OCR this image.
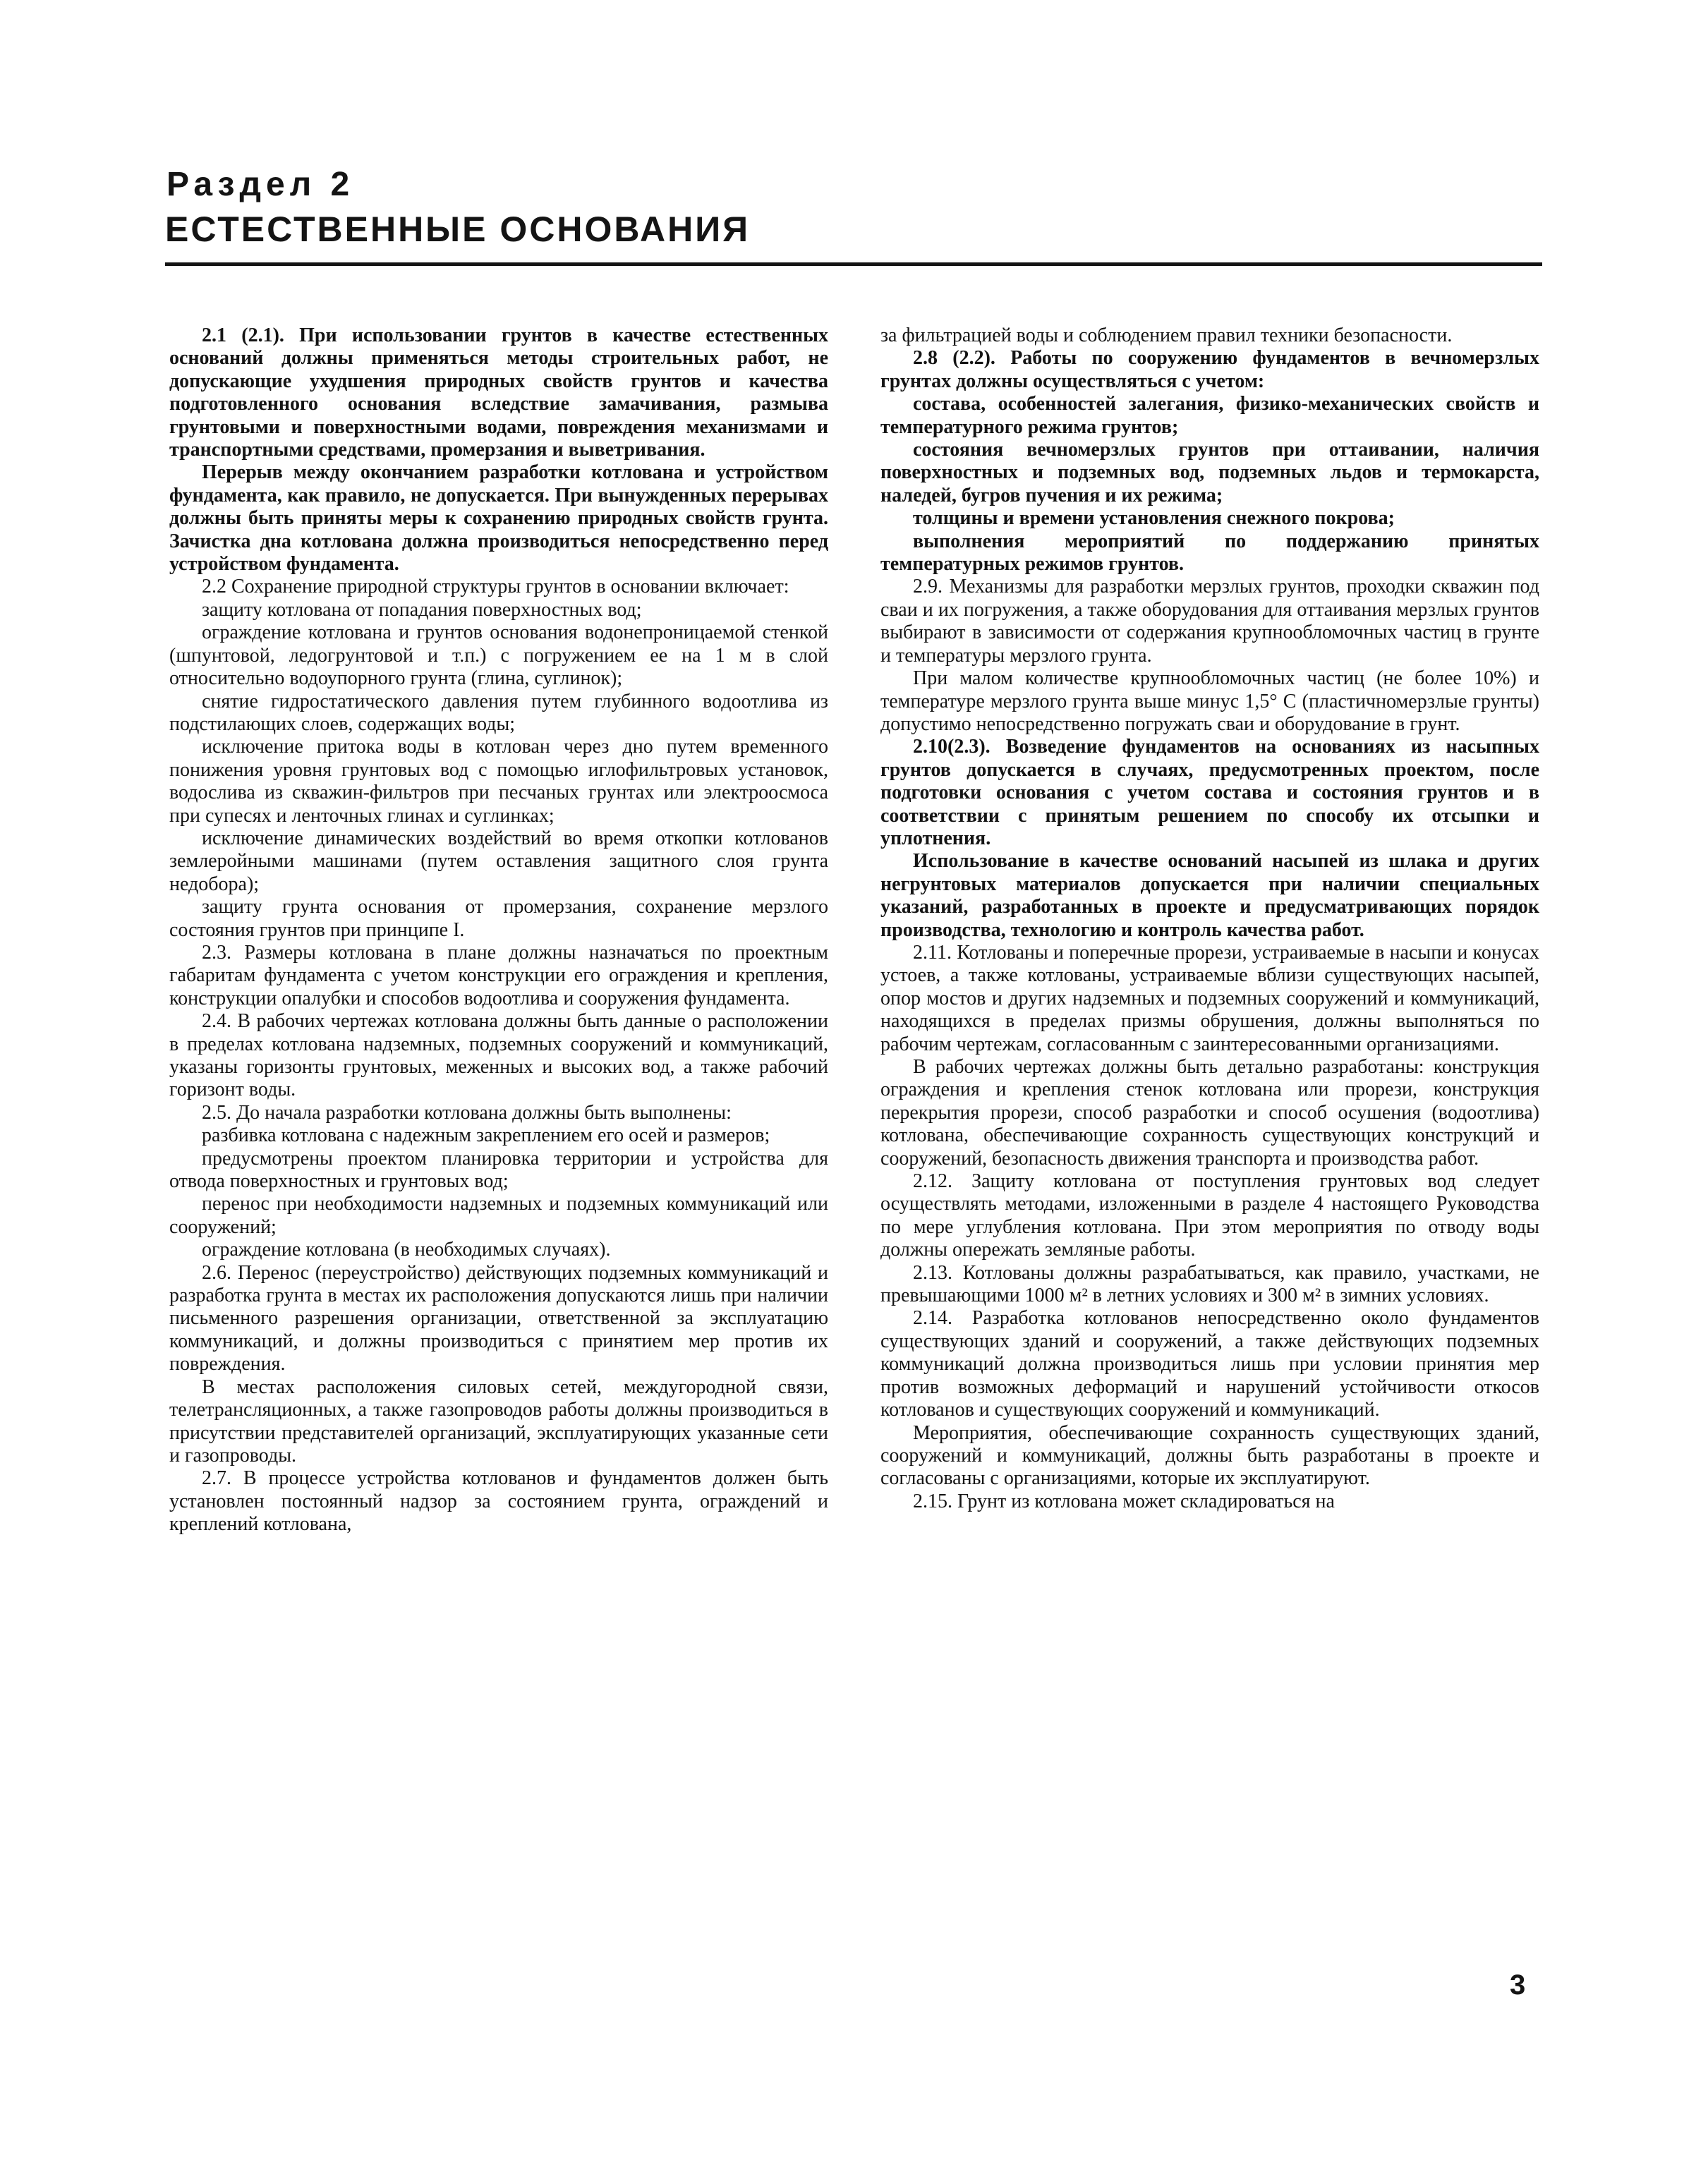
Раздел 2
ЕСТЕСТВЕННЫЕ ОСНОВАНИЯ

2.1 (2.1). При использовании грунтов в качестве естественных оснований должны применяться методы строительных работ, не допускающие ухудшения природных свойств грунтов и качества подготовленного основания вследствие замачивания, размыва грунтовыми и поверхностными водами, повреждения механизмами и транспортными средствами, промерзания и выветривания.

Перерыв между окончанием разработки котлована и устройством фундамента, как правило, не допускается. При вынужденных перерывах должны быть приняты меры к сохранению природных свойств грунта. Зачистка дна котлована должна производиться непосредственно перед устройством фундамента.

2.2 Сохранение природной структуры грунтов в основании включает:

защиту котлована от попадания поверхностных вод;

ограждение котлована и грунтов основания водонепроницаемой стенкой (шпунтовой, ледогрунтовой и т.п.) с погружением ее на 1 м в слой относительно водоупорного грунта (глина, суглинок);

снятие гидростатического давления путем глубинного водоотлива из подстилающих слоев, содержащих воды;

исключение притока воды в котлован через дно путем временного понижения уровня грунтовых вод с помощью иглофильтровых установок, водослива из скважин-фильтров при песчаных грунтах или электроосмоса при супесях и ленточных глинах и суглинках;

исключение динамических воздействий во время откопки котлованов землеройными машинами (путем оставления защитного слоя грунта недобора);

защиту грунта основания от промерзания, сохранение мерзлого состояния грунтов при принципе I.

2.3. Размеры котлована в плане должны назначаться по проектным габаритам фундамента с учетом конструкции его ограждения и крепления, конструкции опалубки и способов водоотлива и сооружения фундамента.

2.4. В рабочих чертежах котлована должны быть данные о расположении в пределах котлована надземных, подземных сооружений и коммуникаций, указаны горизонты грунтовых, меженных и высоких вод, а также рабочий горизонт воды.

2.5. До начала разработки котлована должны быть выполнены:

разбивка котлована с надежным закреплением его осей и размеров;

предусмотрены проектом планировка территории и устройства для отвода поверхностных и грунтовых вод;

перенос при необходимости надземных и подземных коммуникаций или сооружений;

ограждение котлована (в необходимых случаях).

2.6. Перенос (переустройство) действующих подземных коммуникаций и разработка грунта в местах их расположения допускаются лишь при наличии письменного разрешения организации, ответственной за эксплуатацию коммуникаций, и должны производиться с принятием мер против их повреждения.

В местах расположения силовых сетей, междугородной связи, телетрансляционных, а также газопроводов работы должны производиться в присутствии представителей организаций, эксплуатирующих указанные сети и газопроводы.

2.7. В процессе устройства котлованов и фундаментов должен быть установлен постоянный надзор за состоянием грунта, ограждений и креплений котлована,

за фильтрацией воды и соблюдением правил техники безопасности.

2.8 (2.2). Работы по сооружению фундаментов в вечномерзлых грунтах должны осуществляться с учетом:

состава, особенностей залегания, физико-механических свойств и температурного режима грунтов;

состояния вечномерзлых грунтов при оттаивании, наличия поверхностных и подземных вод, подземных льдов и термокарста, наледей, бугров пучения и их режима;

толщины и времени установления снежного покрова;

выполнения мероприятий по поддержанию принятых температурных режимов грунтов.

2.9. Механизмы для разработки мерзлых грунтов, проходки скважин под сваи и их погружения, а также оборудования для оттаивания мерзлых грунтов выбирают в зависимости от содержания крупнообломочных частиц в грунте и температуры мерзлого грунта.

При малом количестве крупнообломочных частиц (не более 10%) и температуре мерзлого грунта выше минус 1,5° С (пластичномерзлые грунты) допустимо непосредственно погружать сваи и оборудование в грунт.

2.10(2.3). Возведение фундаментов на основаниях из насыпных грунтов допускается в случаях, предусмотренных проектом, после подготовки основания с учетом состава и состояния грунтов и в соответствии с принятым решением по способу их отсыпки и уплотнения.

Использование в качестве оснований насыпей из шлака и других негрунтовых материалов допускается при наличии специальных указаний, разработанных в проекте и предусматривающих порядок производства, технологию и контроль качества работ.

2.11. Котлованы и поперечные прорези, устраиваемые в насыпи и конусах устоев, а также котлованы, устраиваемые вблизи существующих насыпей, опор мостов и других надземных и подземных сооружений и коммуникаций, находящихся в пределах призмы обрушения, должны выполняться по рабочим чертежам, согласованным с заинтересованными организациями.

В рабочих чертежах должны быть детально разработаны: конструкция ограждения и крепления стенок котлована или прорези, конструкция перекрытия прорези, способ разработки и способ осушения (водоотлива) котлована, обеспечивающие сохранность существующих конструкций и сооружений, безопасность движения транспорта и производства работ.

2.12. Защиту котлована от поступления грунтовых вод следует осуществлять методами, изложенными в разделе 4 настоящего Руководства по мере углубления котлована. При этом мероприятия по отводу воды должны опережать земляные работы.

2.13. Котлованы должны разрабатываться, как правило, участками, не превышающими 1000 м² в летних условиях и 300 м² в зимних условиях.

2.14. Разработка котлованов непосредственно около фундаментов существующих зданий и сооружений, а также действующих подземных коммуникаций должна производиться лишь при условии принятия мер против возможных деформаций и нарушений устойчивости откосов котлованов и существующих сооружений и коммуникаций.

Мероприятия, обеспечивающие сохранность существующих зданий, сооружений и коммуникаций, должны быть разработаны в проекте и согласованы с организациями, которые их эксплуатируют.

2.15. Грунт из котлована может складироваться на

3
